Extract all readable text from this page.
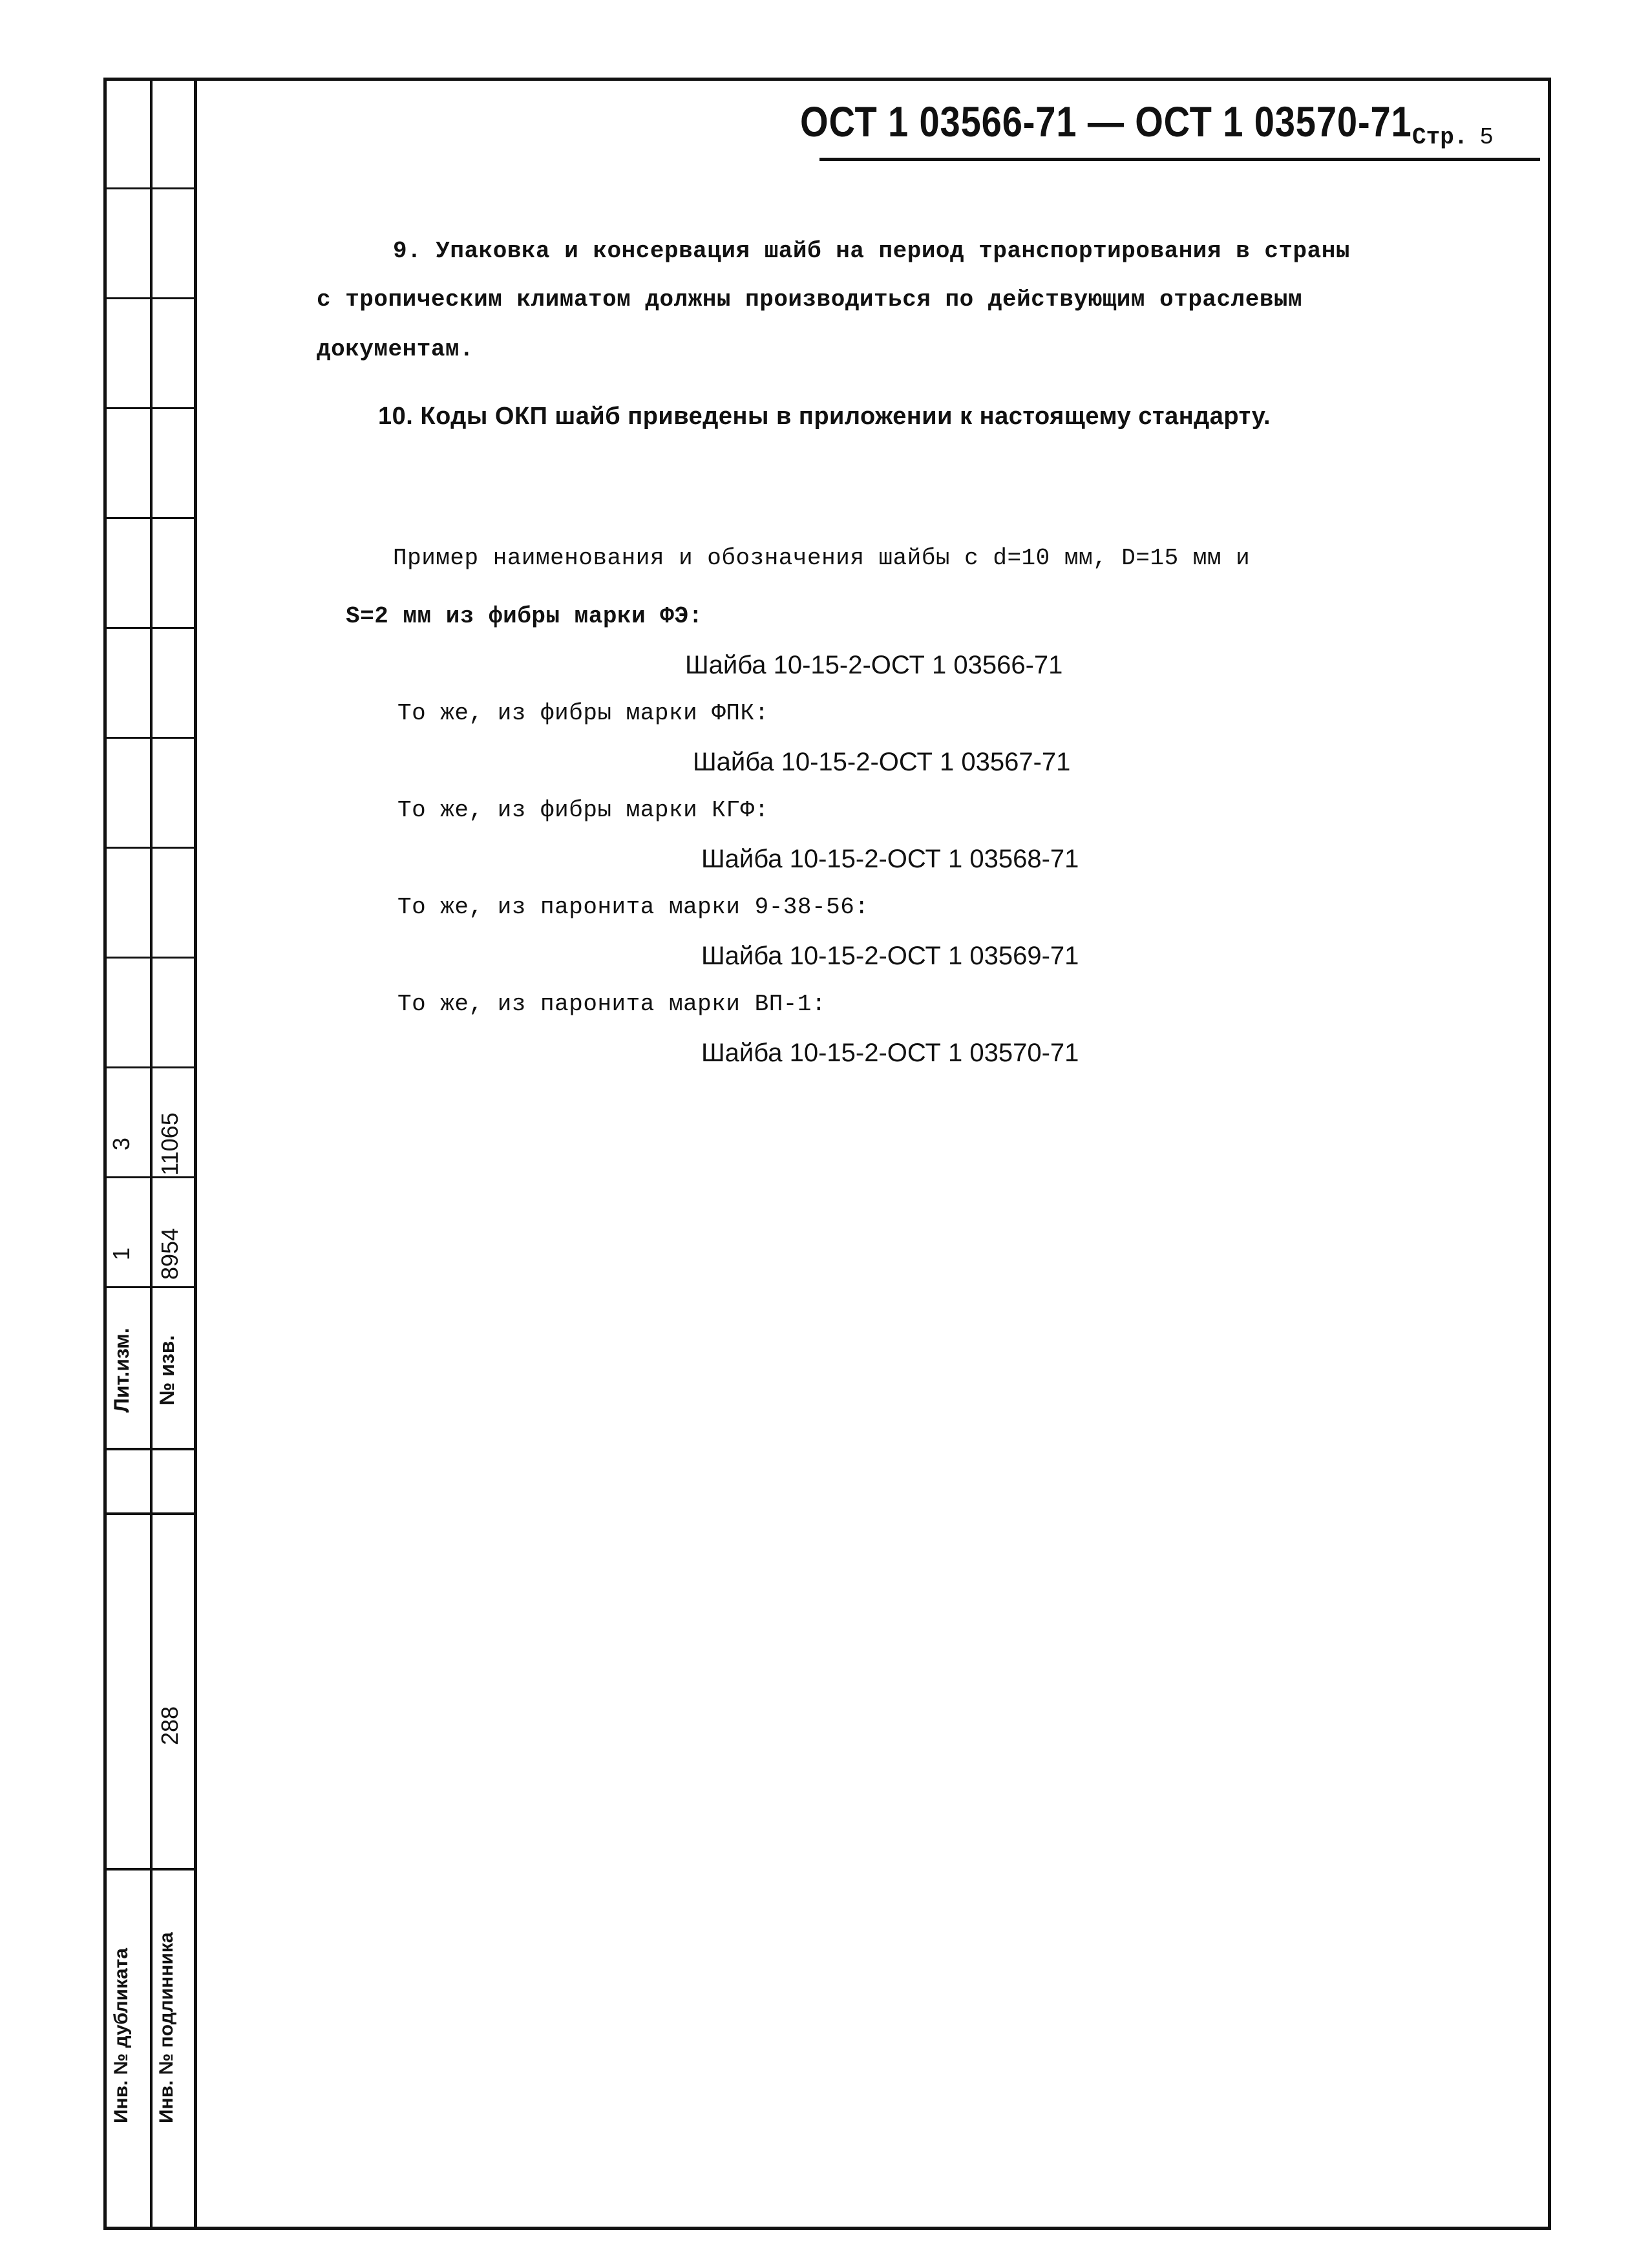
Лит.изм. № изв.
1
3
8954
11065
288
Инв. № дубликата	Инв. № подлинника
ОСТ 1 03566-71 — ОСТ 1 03570-71 Стр. 5
9. Упаковка и консервация шайб на период транспортирования в страны
с тропическим климатом должны производиться по действующим отраслевым
документам.
10. Коды ОКП шайб приведены в приложении к настоящему стандарту.
Пример наименования и обозначения шайбы с d=10 мм, D=15 мм и
S=2 мм из фибры марки ФЭ:
Шайба 10-15-2-ОСТ 1 03566-71
То же, из фибры марки ФПК:
Шайба 10-15-2-ОСТ 1 03567-71
То же, из фибры марки КГФ:
Шайба 10-15-2-ОСТ 1 03568-71
То же, из паронита марки 9-38-56:
Шайба 10-15-2-ОСТ 1 03569-71
То же, из паронита марки ВП-1:
Шайба 10-15-2-ОСТ 1 03570-71
